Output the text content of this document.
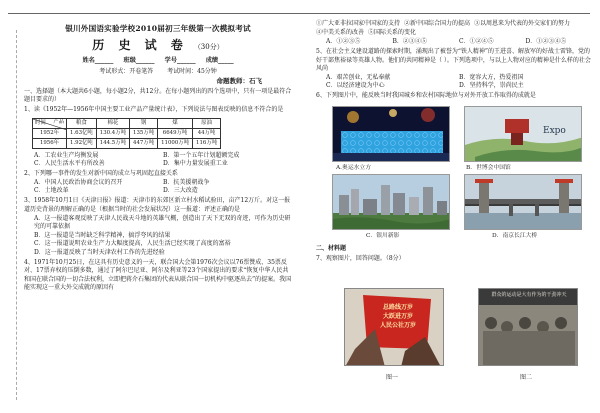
银川外国语实验学校2010届初三年级第一次模拟考试
历 史 试 卷 （30分）
姓名______ 班级______ 学号______ 成绩_____
考试形式：开卷笔答 考试时间：45分钟
命题教师：石飞

一、选择题（本大题共6小题，每小题2分，共12分。在每小题列出的四个选项中，只有一项是最符合题目要求的）

1、读《1952年—1956年中国主要工业产品产量统计表》，下列说法与图表反映的信息不符合的是

产品
时间	粮食	棉花	钢	煤	原油
1952年	1.63亿吨	130.4万吨	135万吨	6649万吨	44万吨
1956年	1.92亿吨	144.5万吨	447万吨	11000万吨	116万吨
A．工农业生产均衡发展	B．第一个五年计划超额完成
C．人民生活水平有所改善	D．集中力量发展重工业

2、下列哪一事件的发生对新中国的成立与巩固起直接关系

A．中国人民政治协商会议的召开	B．抗美援朝战争
C．土地改革	D．三大改造

3、1958年10月1日《天津日报》报道：天津市的东郊区新立村水稻试验田，亩产12万斤。对这一报道历史背景的理解正确的是（根据当时的社会发展状况）这一报道：评述正确的是

A．这一报道客观反映了天津人民战天斗地的英雄气概，创造出了天下无双的奇迹，可作为历史研究的可靠依据
B．这一报道是当时缺乏科学精神，搞浮夸风的结果
C．这一报道说明农业生产力大幅度提高，人民生活已经实现了高度的富裕
D．这一报道反映了当时天津农村工作的先进经验

4、1971年10月25日，在这具有历史意义的一天，联合国大会第1976次会议以76票赞成、35票反对、17票弃权的压倒多数，通过了阿尔巴尼亚、阿尔及利亚等23个国家提出的要求“恢复中华人民共和国在联合国的一切合法权利，立即把蒋介石集团的代表从联合国一切机构中驱逐出去”的提案。我国能实现这一重大外交成就的原因有

①广大亚非拉国家中国家的支持 ②新中国综合国力的提高 ③以周恩来为代表的外交家们的努力
④中美关系的改善 ⑤国际关系的变化
A．①②③⑤	B．②③④⑤	C．①②④⑤	D．①②③④⑤

5、在社会主义建设道路的探索时期，涌现出了被誉为“铁人精神”的王进喜、解放军的好战士雷锋，党的好干部焦裕禄等英雄人物。他们的共同精神是（ ）。下列选项中，与以上人物对应的精神是什么样的社会风尚

A．艰苦创业，无私奉献	B．宽容大方，热爱祖国
C．以经济建设为中心	D．坚持科学，崇尚民主

6、下列图片中，能反映当时我国城乡和农村国际地位与对外开放工作取得的成就是

A.奥运水立方
Expo
B．世博会中国馆
C．银川新影	D．南京长江大桥

二、材料题

7、观察图片，回答问题。（8分）

总路线万岁
大跃进万岁
人民公社万岁
图一
群众的运动是大有作为的干劲冲天
图二
